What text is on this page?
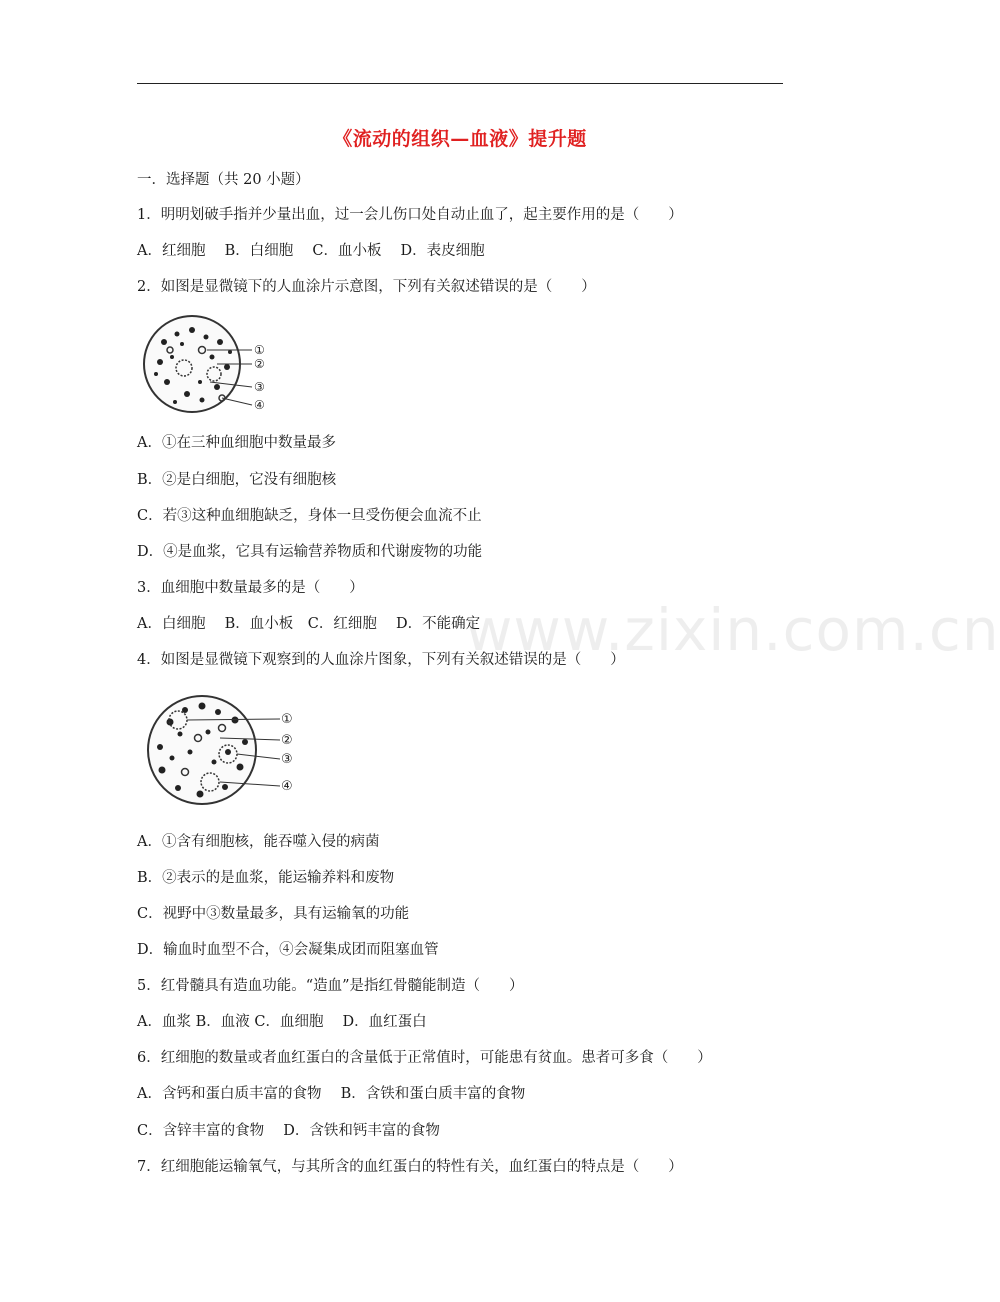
《流动的组织—血液》提升题
一．选择题（共 20 小题）
1．明明划破手指并少量出血，过一会儿伤口处自动止血了，起主要作用的是（　　）
A．红细胞　 B．白细胞　 C．血小板　 D．表皮细胞
2．如图是显微镜下的人血涂片示意图，下列有关叙述错误的是（　　）
①
②
③
④
A．①在三种血细胞中数量最多
B．②是白细胞，它没有细胞核
C．若③这种血细胞缺乏，身体一旦受伤便会血流不止
D．④是血浆，它具有运输营养物质和代谢废物的功能
3．血细胞中数量最多的是（　　）
A．白细胞　 B．血小板　C．红细胞　 D．不能确定
4．如图是显微镜下观察到的人血涂片图象，下列有关叙述错误的是（　　）
①
②
③
④
www.zixin.com.cn
A．①含有细胞核，能吞噬入侵的病菌
B．②表示的是血浆，能运输养料和废物
C．视野中③数量最多，具有运输氧的功能
D．输血时血型不合，④会凝集成团而阻塞血管
5．红骨髓具有造血功能。“造血”是指红骨髓能制造（　　）
A．血浆 B．血液 C．血细胞　 D．血红蛋白
6．红细胞的数量或者血红蛋白的含量低于正常值时，可能患有贫血。患者可多食（　　）
A．含钙和蛋白质丰富的食物　 B．含铁和蛋白质丰富的食物
C．含锌丰富的食物　 D．含铁和钙丰富的食物
7．红细胞能运输氧气，与其所含的血红蛋白的特性有关，血红蛋白的特点是（　　）
